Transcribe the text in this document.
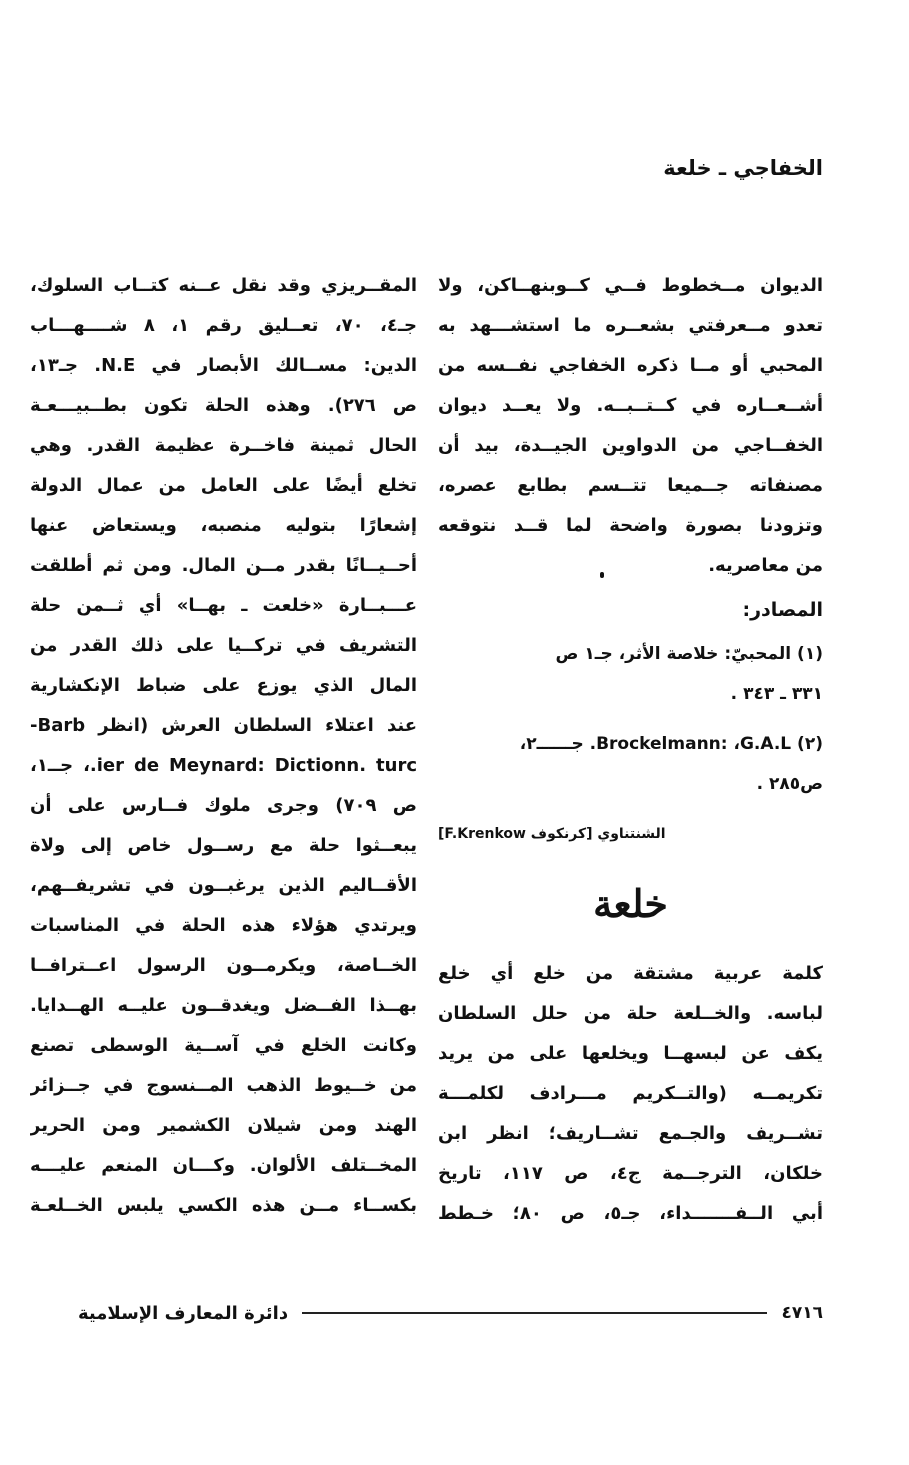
الخفاجي ـ خلعة
الديوان مــخطوط فــي كــوبنهــاكن، ولا
تعدو مــعرفتي بشعــره ما استشـــهد به
المحبي أو مــا ذكره الخفاجي نفــسه من
أشــعــاره في كــتــبــه. ولا يعــد ديوان
الخفــاجي من الدواوين الجيــدة، بيد أن
مصنفاته جــميعا تتــسم بطابع عصره،
وتزودنا بصورة واضحة لما قــد نتوقعه
من معاصريه.
المصادر:
(١) المحبيّ: خلاصة الأثر، جـ١ ص
٣٣١ ـ ٣٤٣ .
(٢) Brockelmann: ،G.A.L. جــــــ٢،
ص٢٨٥ .
الشنتناوي [كرنكوف F.Krenkow]
خلعة
كلمة عربية مشتقة من خلع أي خلع
لباسه. والخــلعة حلة من حلل السلطان
يكف عن لبسهــا ويخلعها على من يريد
تكريمــه (والتــكريم مـــرادف لكلمـــة
تشــريف والجـمع تشــاريف؛ انظر ابن
خلكان، الترجــمة ج٤، ص ١١٧، تاريخ
أبي الــفـــــــداء، جـ٥، ص ٨٠؛ خـطط
المقــريزي وقد نقل عــنه كتــاب السلوك،
جـ٤، ٧٠، تعــليق رقم ١، ٨ شــــهـــاب
الدين: مســالك الأبصار في N.E. جـ١٣،
ص ٢٧٦). وهذه الحلة تكون بطــبيـــعـة
الحال ثمينة فاخــرة عظيمة القدر. وهي
تخلع أيضًا على العامل من عمال الدولة
إشعارًا بتوليه منصبه، ويستعاض عنها
أحــيــانًا بقدر مــن المال. ومن ثم أطلقت
عـــبــارة «خلعت ـ بهــا» أي ثــمن حلة
التشريف في تركــيا على ذلك القدر من
المال الذي يوزع على ضباط الإنكشارية
عند اعتلاء السلطان العرش (انظر Barb-
ier de Meynard: Dictionn. turc.، جــ١،
ص ٧٠٩) وجرى ملوك فــارس على أن
يبعــثوا حلة مع رســول خاص إلى ولاة
الأقــاليم الذين يرغبــون في تشريفــهم،
ويرتدي هؤلاء هذه الحلة في المناسبات
الخــاصة، ويكرمــون الرسول اعــترافــا
بهــذا الفــضل ويغدقــون عليــه الهــدايا.
وكانت الخلع في آســية الوسطى تصنع
من خــيوط الذهب المــنسوج في جــزائر
الهند ومن شيلان الكشمير ومن الحرير
المخــتلف الألوان. وكـــان المنعم عليـــه
بكســاء مــن هذه الكسي يلبس الخــلعـة
دائرة المعارف الإسلامية	٤٧١٦
